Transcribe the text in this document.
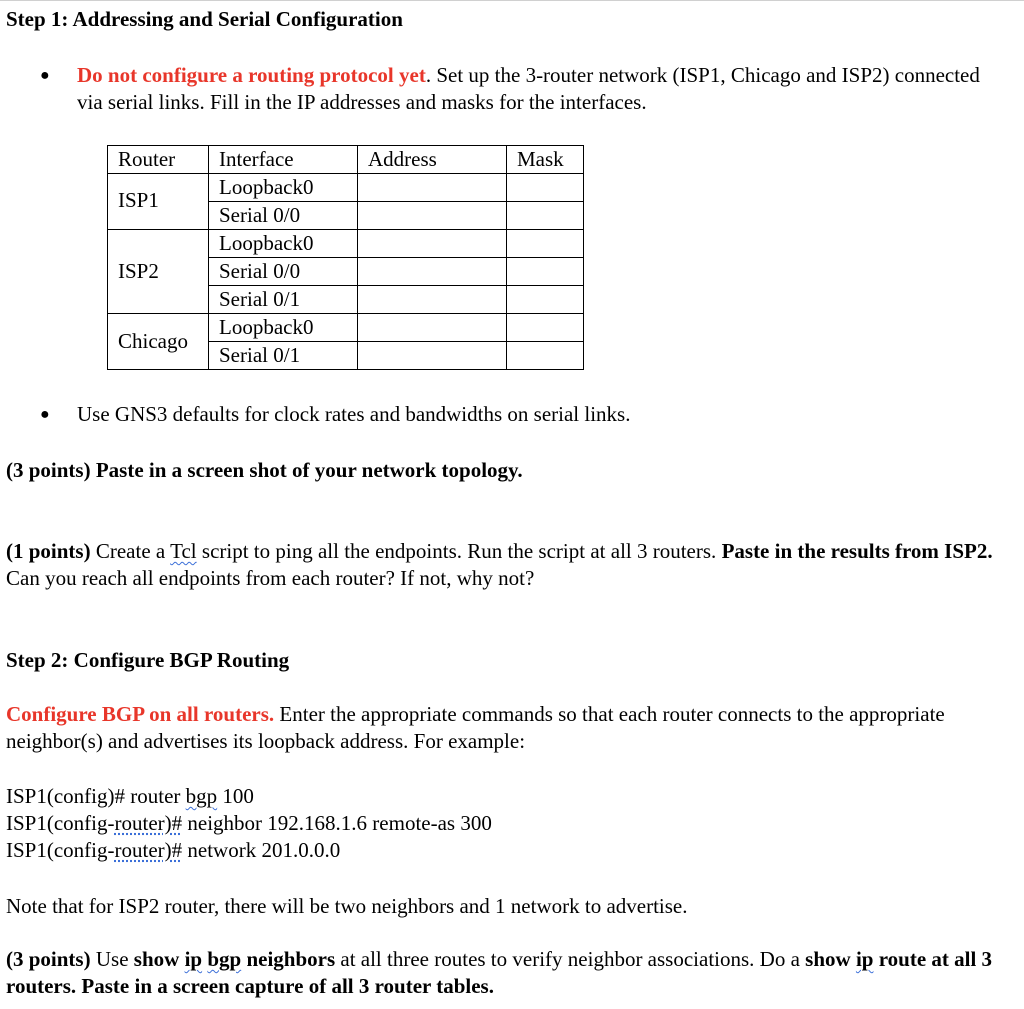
Step 1: Addressing and Serial Configuration

● Do not configure a routing protocol yet. Set up the 3-router network (ISP1, Chicago and ISP2) connected via serial links. Fill in the IP addresses and masks for the interfaces.

Router	Interface	Address	Mask
ISP1	Loopback0		
	Serial 0/0		
ISP2	Loopback0		
	Serial 0/0		
	Serial 0/1		
Chicago	Loopback0		
	Serial 0/1		
● Use GNS3 defaults for clock rates and bandwidths on serial links.

(3 points) Paste in a screen shot of your network topology.

(1 points) Create a Tcl script to ping all the endpoints. Run the script at all 3 routers. Paste in the results from ISP2. Can you reach all endpoints from each router? If not, why not?

Step 2: Configure BGP Routing

Configure BGP on all routers. Enter the appropriate commands so that each router connects to the appropriate neighbor(s) and advertises its loopback address. For example:

ISP1(config)# router bgp 100
ISP1(config-router)# neighbor 192.168.1.6 remote-as 300
ISP1(config-router)# network 201.0.0.0

Note that for ISP2 router, there will be two neighbors and 1 network to advertise.

(3 points) Use show ip bgp neighbors at all three routes to verify neighbor associations. Do a show ip route at all 3 routers. Paste in a screen capture of all 3 router tables.
